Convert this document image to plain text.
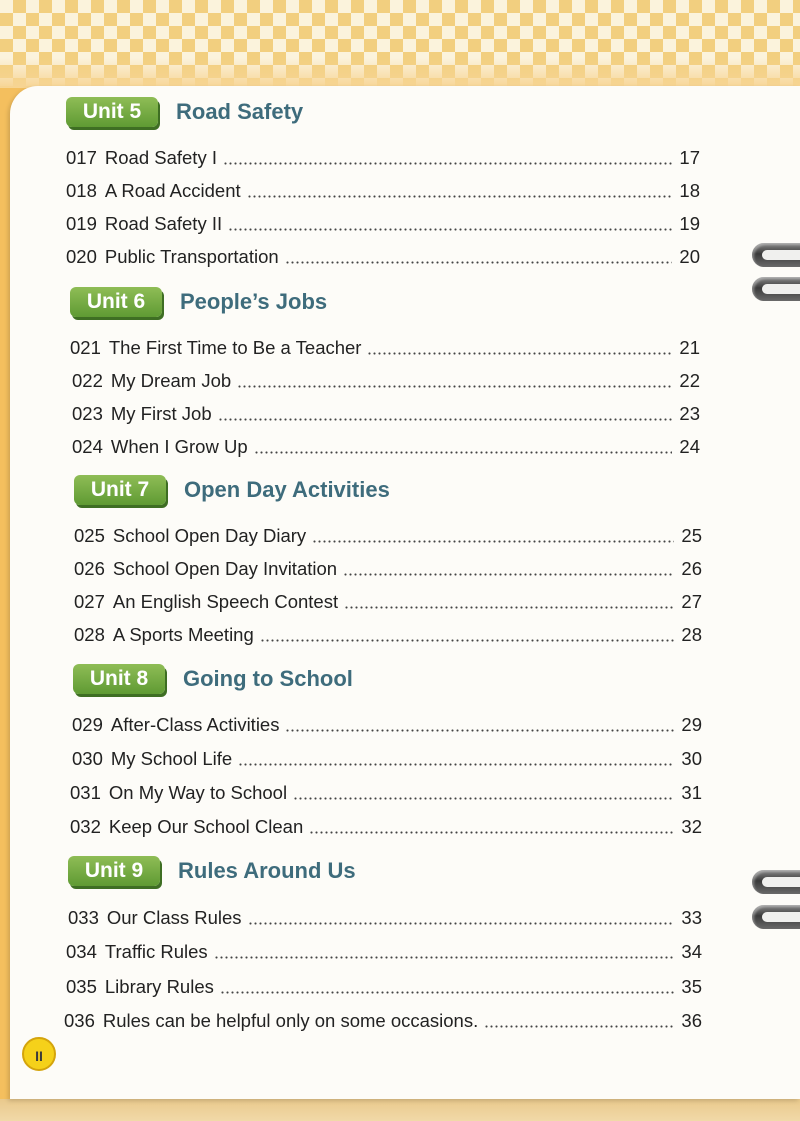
Unit 5	Road Safety
017 Road Safety I	17
018 A Road Accident	18
019 Road Safety II	19
020 Public Transportation	20
Unit 6	People’s Jobs
021 The First Time to Be a Teacher	21
022 My Dream Job	22
023 My First Job	23
024 When I Grow Up	24
Unit 7	Open Day Activities
025 School Open Day Diary	25
026 School Open Day Invitation	26
027 An English Speech Contest	27
028 A Sports Meeting	28
Unit 8	Going to School
029 After-Class Activities	29
030 My School Life	30
031 On My Way to School	31
032 Keep Our School Clean	32
Unit 9	Rules Around Us
033 Our Class Rules	33
034 Traffic Rules	34
035 Library Rules	35
036 Rules can be helpful only on some occasions.	36
II
